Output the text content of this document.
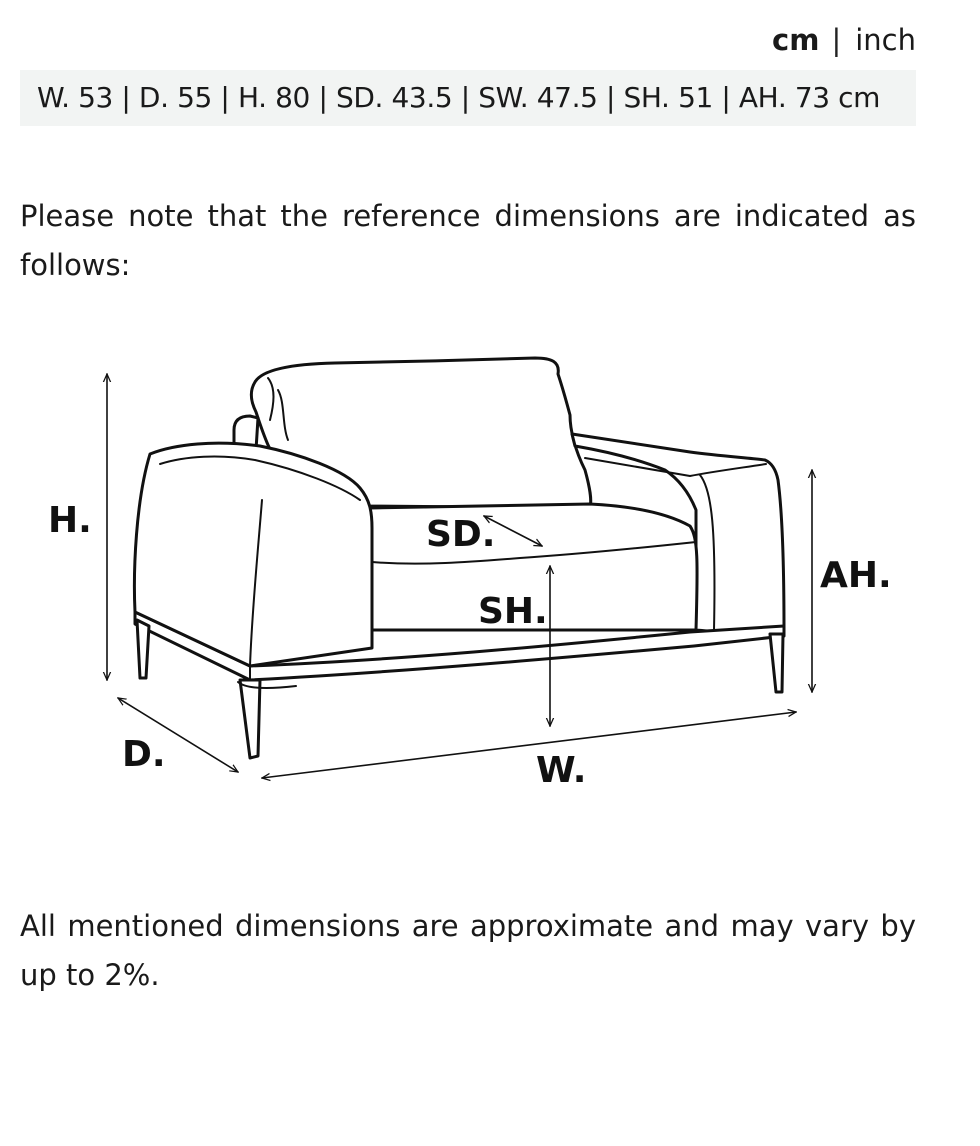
cm | inch
W. 53 | D. 55 | H. 80 | SD. 43.5 | SW. 47.5 | SH. 51 | AH. 73 cm

Please note that the reference dimensions are indicated as follows:

H.
D.	W.
SD.
SH.
AH.

All mentioned dimensions are approximate and may vary by up to 2%.
